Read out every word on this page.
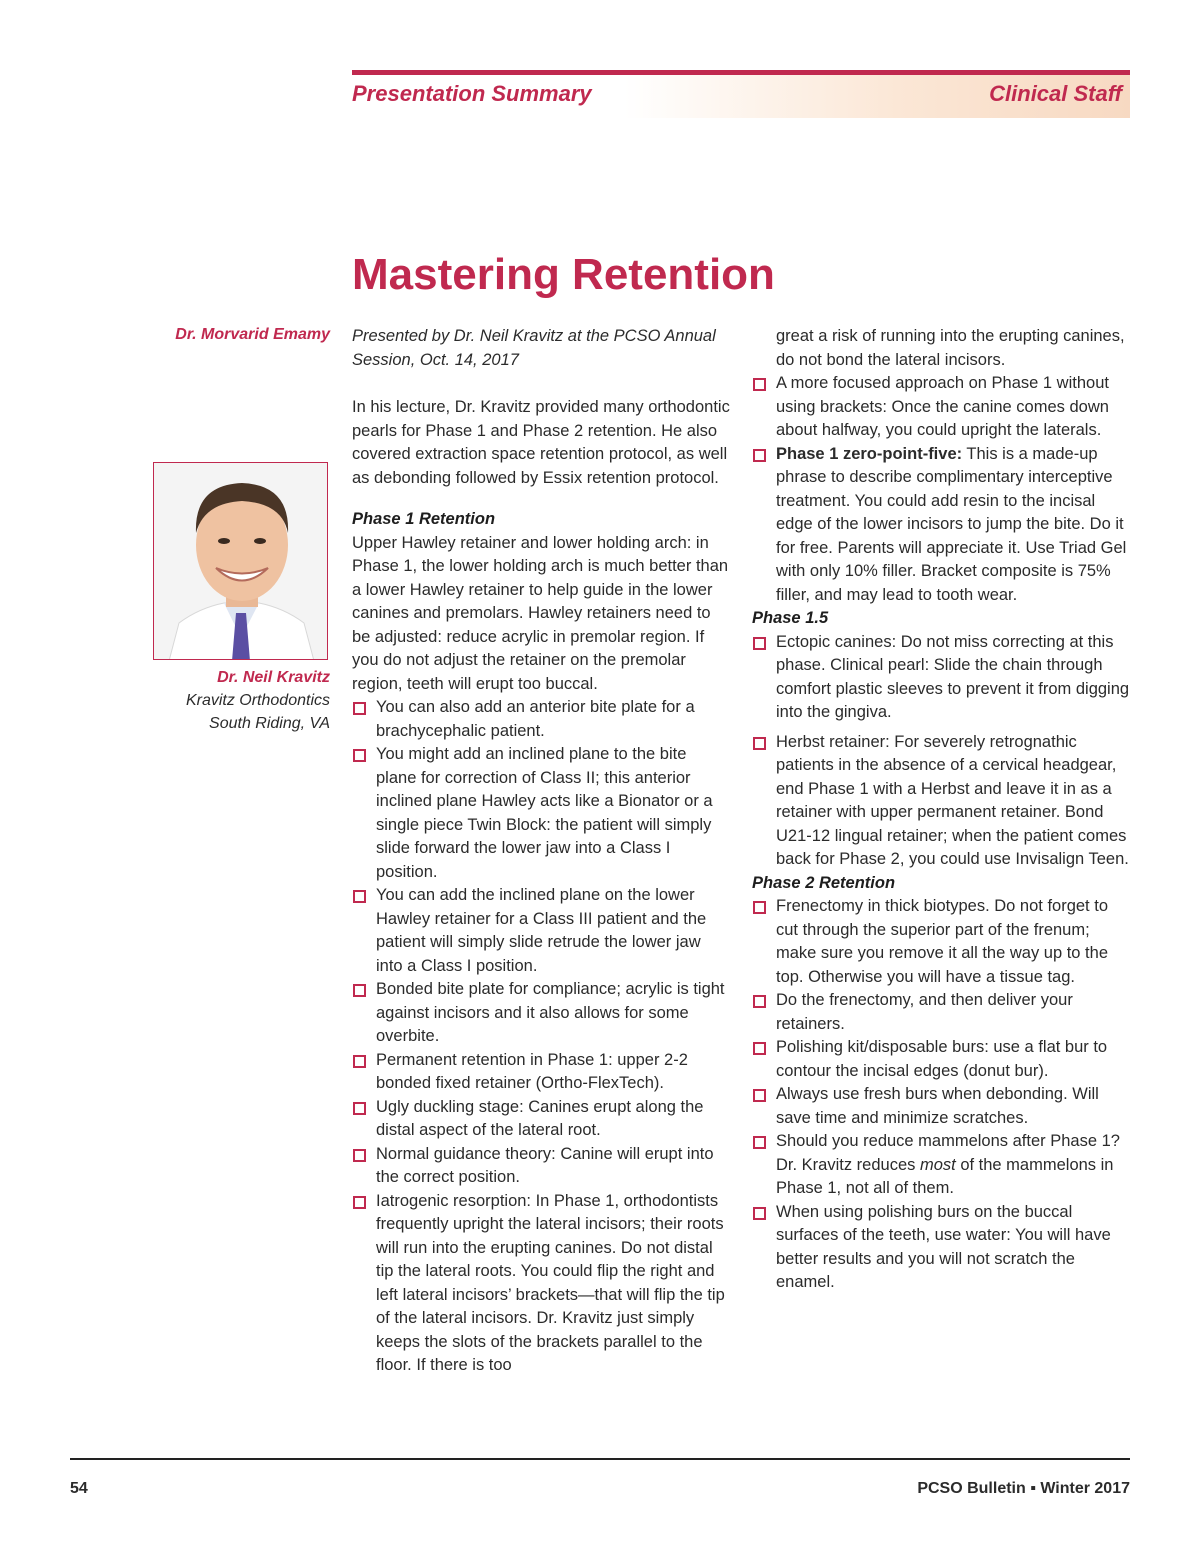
Presentation Summary	Clinical Staff
Mastering Retention
Dr. Morvarid Emamy
Dr. Neil Kravitz
Kravitz Orthodontics
South Riding, VA

Presented by Dr. Neil Kravitz at the PCSO Annual Session, Oct. 14, 2017

In his lecture, Dr. Kravitz provided many orthodontic pearls for Phase 1 and Phase 2 retention. He also covered extraction space retention protocol, as well as debonding followed by Essix retention protocol.

Phase 1 Retention

Upper Hawley retainer and lower holding arch: in Phase 1, the lower holding arch is much better than a lower Hawley retainer to help guide in the lower canines and premolars. Hawley retainers need to be adjusted: reduce acrylic in premolar region. If you do not adjust the retainer on the premolar region, teeth will erupt too buccal.

You can also add an anterior bite plate for a brachycephalic patient.
You might add an inclined plane to the bite plane for correction of Class II; this anterior inclined plane Hawley acts like a Bionator or a single piece Twin Block: the patient will simply slide forward the lower jaw into a Class I position.
You can add the inclined plane on the lower Hawley retainer for a Class III patient and the patient will simply slide retrude the lower jaw into a Class I position.
Bonded bite plate for compliance; acrylic is tight against incisors and it also allows for some overbite.
Permanent retention in Phase 1: upper 2-2 bonded fixed retainer (Ortho-FlexTech).
Ugly duckling stage: Canines erupt along the distal aspect of the lateral root.
Normal guidance theory: Canine will erupt into the correct position.
Iatrogenic resorption: In Phase 1, orthodontists frequently upright the lateral incisors; their roots will run into the erupting canines. Do not distal tip the lateral roots. You could flip the right and left lateral incisors’ brackets—that will flip the tip of the lateral incisors. Dr. Kravitz just simply keeps the slots of the brackets parallel to the floor. If there is too

great a risk of running into the erupting canines, do not bond the lateral incisors.

A more focused approach on Phase 1 without using brackets: Once the canine comes down about halfway, you could upright the laterals.
Phase 1 zero-point-five: This is a made-up phrase to describe complimentary interceptive treatment. You could add resin to the incisal edge of the lower incisors to jump the bite. Do it for free. Parents will appreciate it. Use Triad Gel with only 10% filler. Bracket composite is 75% filler, and may lead to tooth wear.

Phase 1.5

Ectopic canines: Do not miss correcting at this phase. Clinical pearl: Slide the chain through comfort plastic sleeves to prevent it from digging into the gingiva.
Herbst retainer: For severely retrognathic patients in the absence of a cervical headgear, end Phase 1 with a Herbst and leave it in as a retainer with upper permanent retainer. Bond U21-12 lingual retainer; when the patient comes back for Phase 2, you could use Invisalign Teen.

Phase 2 Retention

Frenectomy in thick biotypes. Do not forget to cut through the superior part of the frenum; make sure you remove it all the way up to the top. Otherwise you will have a tissue tag.
Do the frenectomy, and then deliver your retainers.
Polishing kit/disposable burs: use a flat bur to contour the incisal edges (donut bur).
Always use fresh burs when debonding. Will save time and minimize scratches.
Should you reduce mammelons after Phase 1? Dr. Kravitz reduces most of the mammelons in Phase 1, not all of them.
When using polishing burs on the buccal surfaces of the teeth, use water: You will have better results and you will not scratch the enamel.
54	PCSO Bulletin ▪ Winter 2017
